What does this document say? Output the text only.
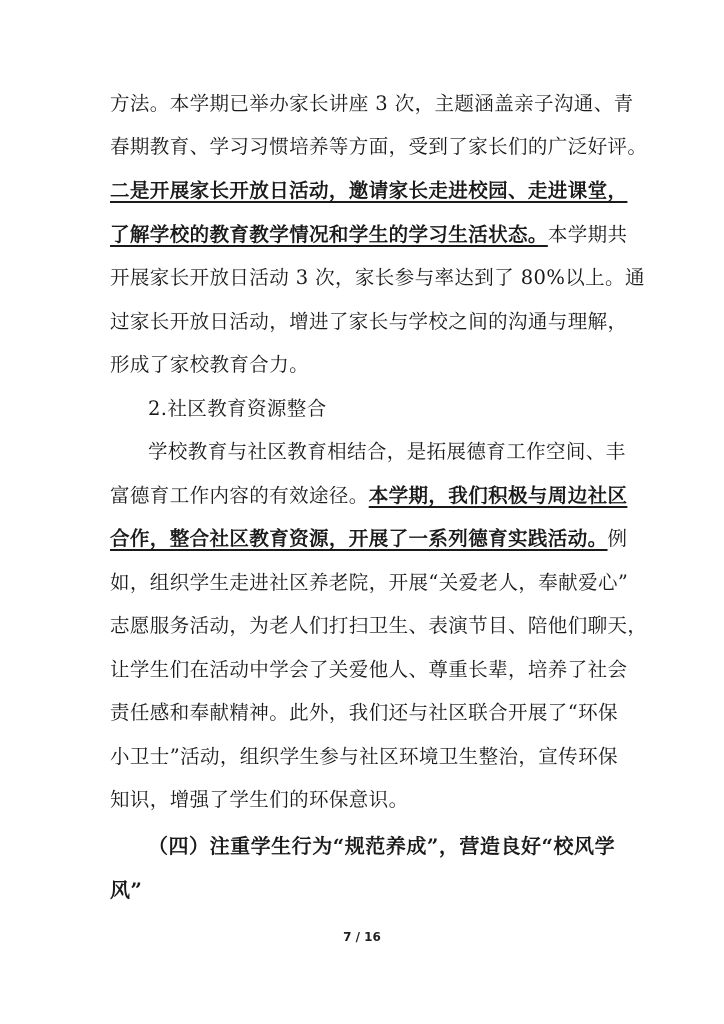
方法。本学期已举办家长讲座 3 次，主题涵盖亲子沟通、青
春期教育、学习习惯培养等方面，受到了家长们的广泛好评。
二是开展家长开放日活动，邀请家长走进校园、走进课堂，
了解学校的教育教学情况和学生的学习生活状态。本学期共
开展家长开放日活动 3 次，家长参与率达到了 80%以上。通
过家长开放日活动，增进了家长与学校之间的沟通与理解，
形成了家校教育合力。
2.社区教育资源整合
学校教育与社区教育相结合，是拓展德育工作空间、丰
富德育工作内容的有效途径。本学期，我们积极与周边社区
合作，整合社区教育资源，开展了一系列德育实践活动。例
如，组织学生走进社区养老院，开展“关爱老人，奉献爱心”
志愿服务活动，为老人们打扫卫生、表演节目、陪他们聊天，
让学生们在活动中学会了关爱他人、尊重长辈，培养了社会
责任感和奉献精神。此外，我们还与社区联合开展了“环保
小卫士”活动，组织学生参与社区环境卫生整治，宣传环保
知识，增强了学生们的环保意识。
（四）注重学生行为“规范养成”，营造良好“校风学
风”
7 / 16
